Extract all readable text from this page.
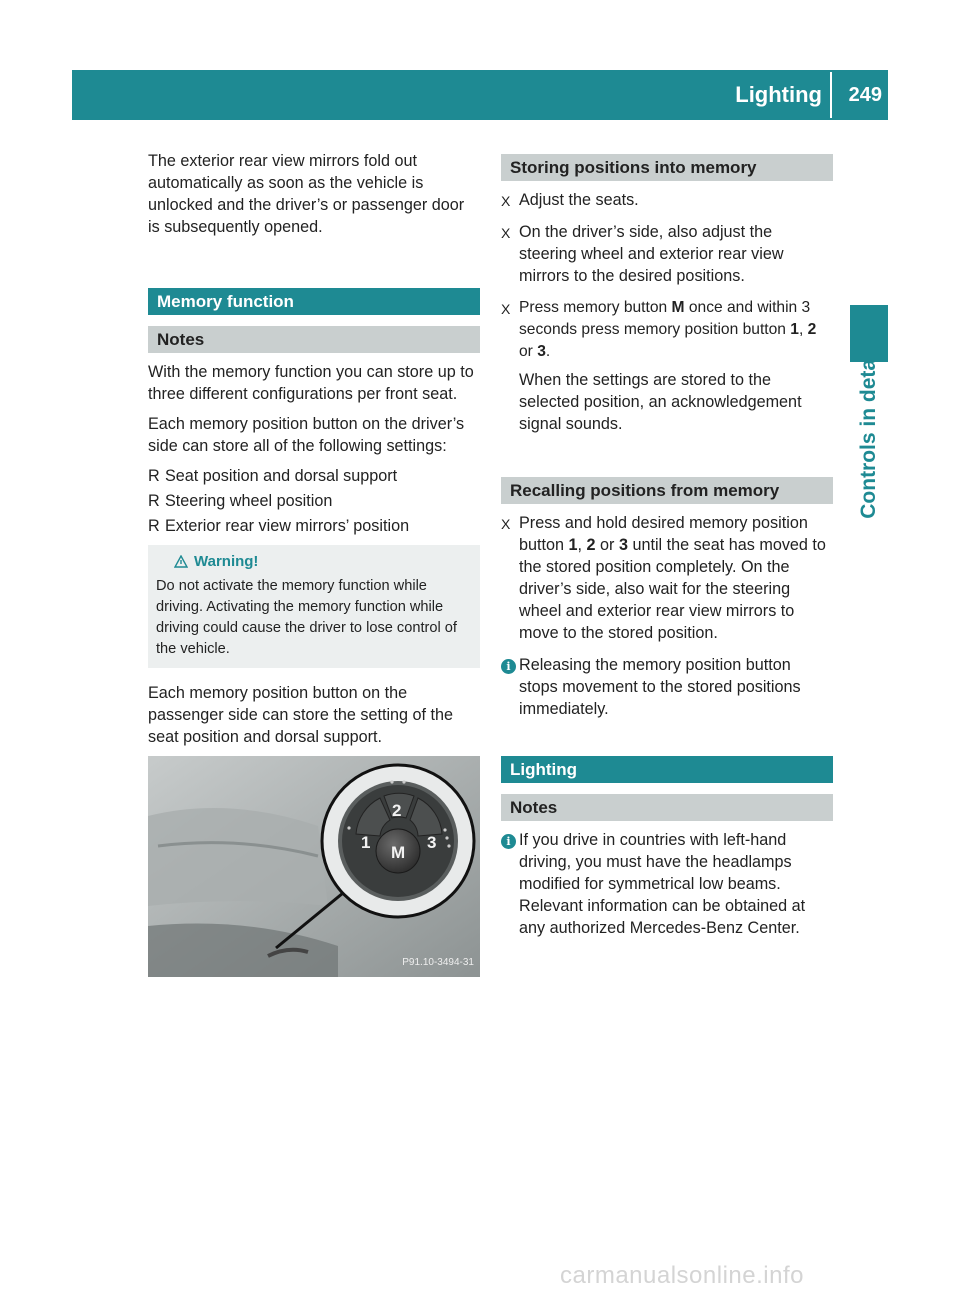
Lighting 249
Controls in detail

The exterior rear view mirrors fold out automatically as soon as the vehicle is unlocked and the driver’s or passenger door is subsequently opened.

Memory function
Notes

With the memory function you can store up to three different configurations per front seat.

Each memory position button on the driver’s side can store all of the following settings:

R Seat position and dorsal support
R Steering wheel position
R Exterior rear view mirrors’ position
Warning!
Do not activate the memory function while driving. Activating the memory function while driving could cause the driver to lose control of the vehicle.

Each memory position button on the passenger side can store the setting of the seat position and dorsal support.

1
2
3
M
P91.10-3494-31
Storing positions into memory
X Adjust the seats.

X On the driver’s side, also adjust the steering wheel and exterior rear view mirrors to the desired positions.

X Press memory button M once and within 3 seconds press memory position button 1, 2 or 3.

When the settings are stored to the selected position, an acknowledgement signal sounds.

Recalling positions from memory
X Press and hold desired memory position button 1, 2 or 3 until the seat has moved to the stored position completely. On the driver’s side, also wait for the steering wheel and exterior rear view mirrors to move to the stored position.

i Releasing the memory position button stops movement to the stored positions immediately.
Lighting
Notes
i If you drive in countries with left-hand driving, you must have the headlamps modified for symmetrical low beams. Relevant information can be obtained at any authorized Mercedes-Benz Center.
carmanualsonline.info
